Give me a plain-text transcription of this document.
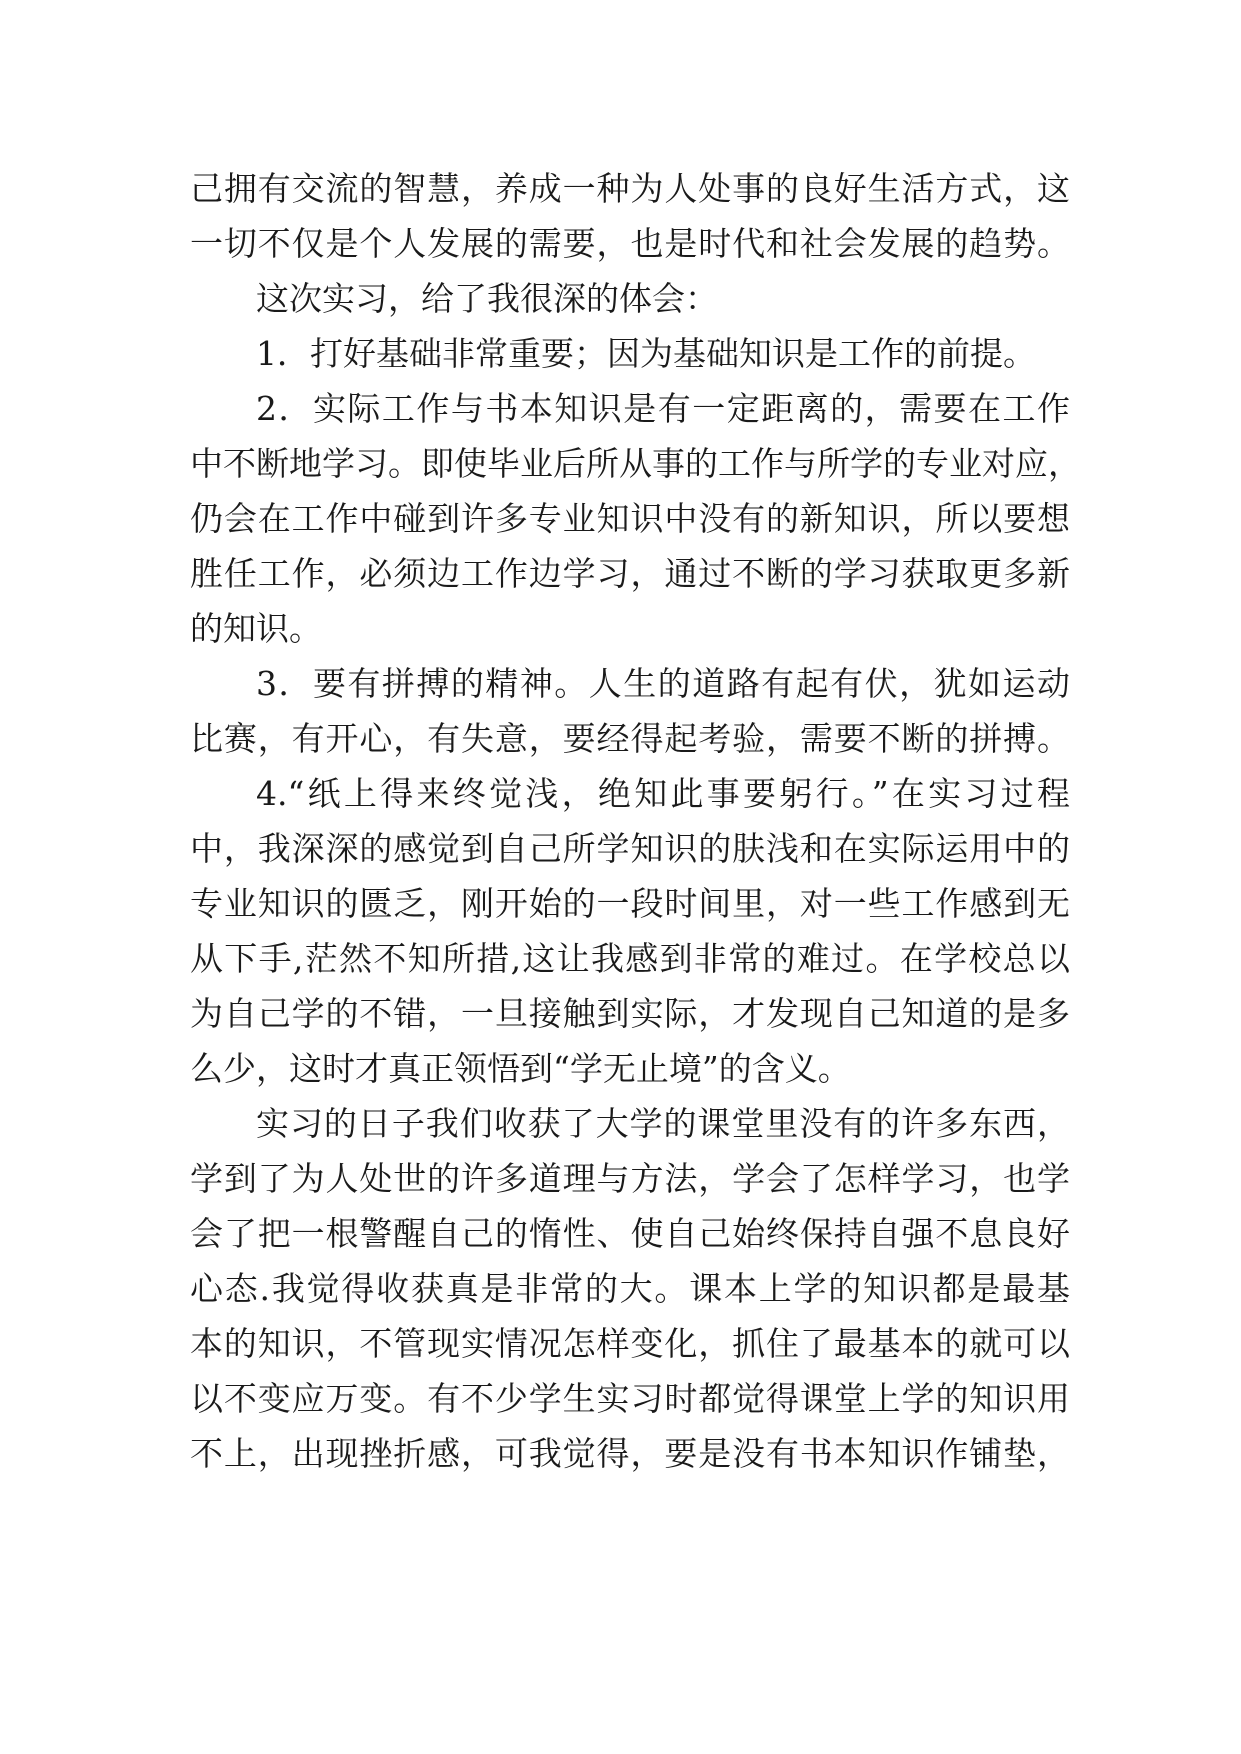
己拥有交流的智慧，养成一种为人处事的良好生活方式，这
一切不仅是个人发展的需要，也是时代和社会发展的趋势。
这次实习，给了我很深的体会：
1．打好基础非常重要；因为基础知识是工作的前提。
2．实际工作与书本知识是有一定距离的，需要在工作
中不断地学习。即使毕业后所从事的工作与所学的专业对应，
仍会在工作中碰到许多专业知识中没有的新知识，所以要想
胜任工作，必须边工作边学习，通过不断的学习获取更多新
的知识。
3．要有拼搏的精神。人生的道路有起有伏，犹如运动
比赛，有开心，有失意，要经得起考验，需要不断的拼搏。
4.“纸上得来终觉浅，绝知此事要躬行。”在实习过程
中，我深深的感觉到自己所学知识的肤浅和在实际运用中的
专业知识的匮乏，刚开始的一段时间里，对一些工作感到无
从下手,茫然不知所措,这让我感到非常的难过。在学校总以
为自己学的不错，一旦接触到实际，才发现自己知道的是多
么少，这时才真正领悟到“学无止境”的含义。
实习的日子我们收获了大学的课堂里没有的许多东西，
学到了为人处世的许多道理与方法，学会了怎样学习，也学
会了把一根警醒自己的惰性、使自己始终保持自强不息良好
心态.我觉得收获真是非常的大。课本上学的知识都是最基
本的知识，不管现实情况怎样变化，抓住了最基本的就可以
以不变应万变。有不少学生实习时都觉得课堂上学的知识用
不上，出现挫折感，可我觉得，要是没有书本知识作铺垫，
